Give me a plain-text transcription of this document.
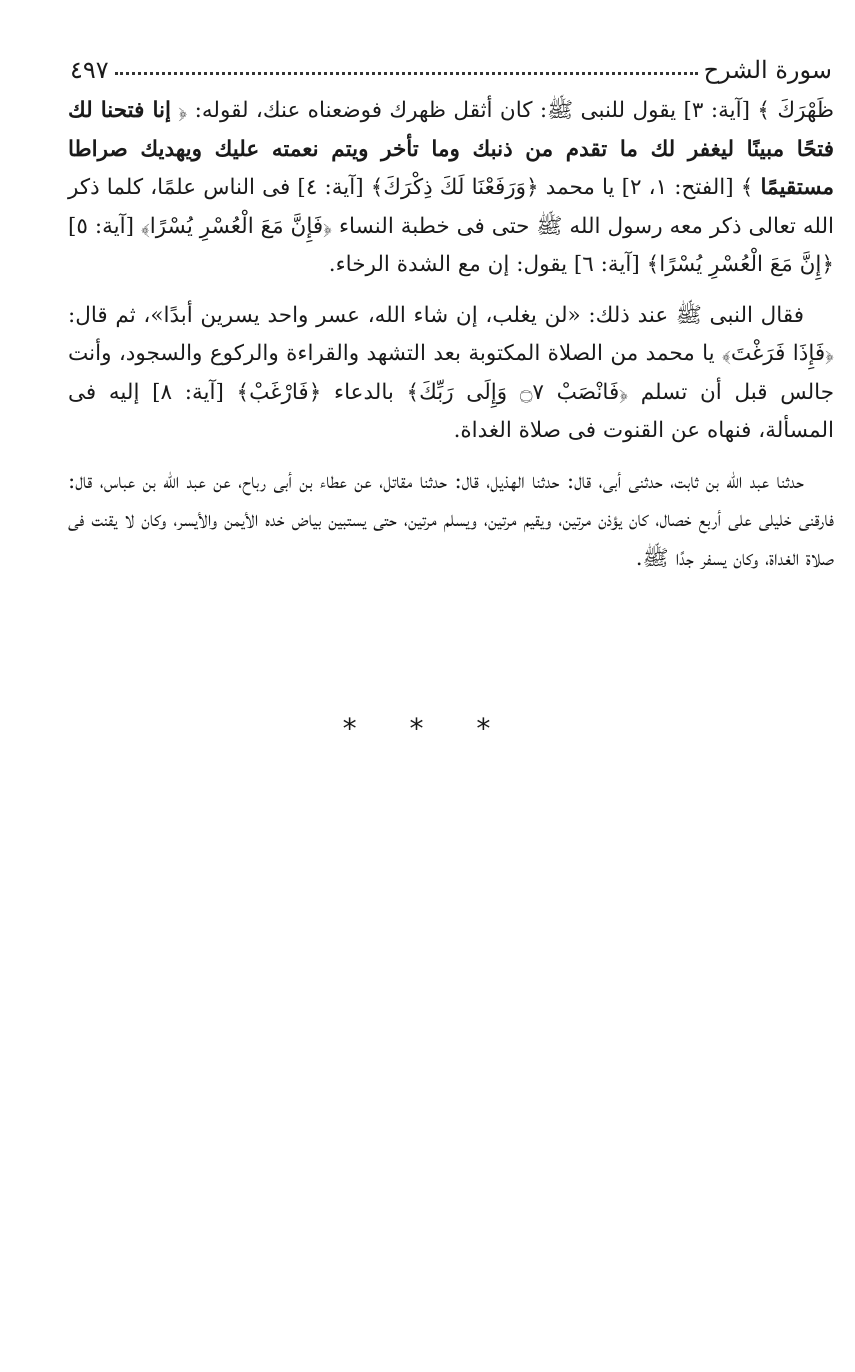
سورة الشرح
٤٩٧

ظَهْرَكَ ﴾ [آية: ٣] يقول للنبى ﷺ: كان أثقل ظهرك فوضعناه عنك، لقوله: ﴿ إنا فتحنا لك فتحًا مبينًا ليغفر لك ما تقدم من ذنبك وما تأخر ويتم نعمته عليك ويهديك صراطا مستقيمًا ﴾ [الفتح: ١، ٢] يا محمد ﴿وَرَفَعْنَا لَكَ ذِكْرَكَ﴾ [آية: ٤] فى الناس علمًا، كلما ذكر الله تعالى ذكر معه رسول الله ﷺ حتى فى خطبة النساء ﴿فَإِنَّ مَعَ الْعُسْرِ يُسْرًا﴾ [آية: ٥] ﴿إِنَّ مَعَ الْعُسْرِ يُسْرًا﴾ [آية: ٦] يقول: إن مع الشدة الرخاء.

فقال النبى ﷺ عند ذلك: «لن يغلب، إن شاء الله، عسر واحد يسرين أبدًا»، ثم قال: ﴿فَإِذَا فَرَغْتَ﴾ يا محمد من الصلاة المكتوبة بعد التشهد والقراءة والركوع والسجود، وأنت جالس قبل أن تسلم ﴿فَانْصَبْ ۝٧ وَإِلَى رَبِّكَ﴾ بالدعاء ﴿فَارْغَبْ﴾ [آية: ٨] إليه فى المسألة، فنهاه عن القنوت فى صلاة الغداة.

حدثنا عبد الله بن ثابت، حدثنى أبى، قال: حدثنا الهذيل، قال: حدثنا مقاتل، عن عطاء بن أبى رباح، عن عبد الله بن عباس، قال: فارقنى خليلى على أربع خصال، كان يؤذن مرتين، ويقيم مرتين، ويسلم مرتين، حتى يستبين بياض خده الأيمن والأيسر، وكان لا يقنت فى صلاة الغداة، وكان يسفر جدًا ﷺ.

* * *
